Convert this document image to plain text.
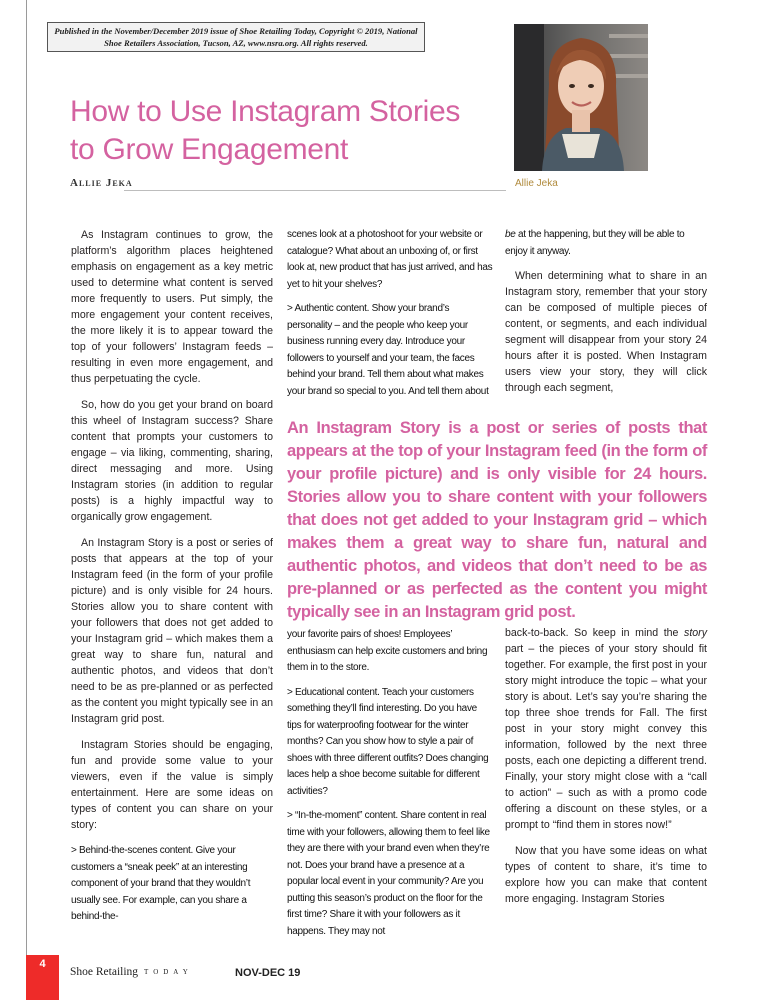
Published in the November/December 2019 issue of Shoe Retailing Today, Copyright © 2019, National Shoe Retailers Association, Tucson, AZ, www.nsra.org. All rights reserved.
How to Use Instagram Stories
to Grow Engagement
Allie Jeka	Allie Jeka

As Instagram continues to grow, the platform’s algorithm places heightened emphasis on engagement as a key metric used to determine what content is served more frequently to users. Put simply, the more engagement your content receives, the more likely it is to appear toward the top of your followers’ Instagram feeds – resulting in even more engagement, and thus perpetuating the cycle.

So, how do you get your brand on board this wheel of Instagram success? Share content that prompts your customers to engage – via liking, commenting, sharing, direct messaging and more. Using Instagram stories (in addition to regular posts) is a highly impactful way to organically grow engagement.

An Instagram Story is a post or series of posts that appears at the top of your Instagram feed (in the form of your profile picture) and is only visible for 24 hours. Stories allow you to share content with your followers that does not get added to your Instagram grid – which makes them a great way to share fun, natural and authentic photos, and videos that don’t need to be as pre-planned or as perfected as the content you might typically see in an Instagram grid post.

Instagram Stories should be engaging, fun and provide some value to your viewers, even if the value is simply entertainment. Here are some ideas on types of content you can share on your story:

> Behind-the-scenes content. Give your customers a “sneak peek” at an interesting component of your brand that they wouldn’t usually see. For example, can you share a behind-the-

scenes look at a photoshoot for your website or catalogue? What about an unboxing of, or first look at, new product that has just arrived, and has yet to hit your shelves?

> Authentic content. Show your brand’s personality – and the people who keep your business running every day. Introduce your followers to yourself and your team, the faces behind your brand. Tell them about what makes your brand so special to you. And tell them about

be at the happening, but they will be able to enjoy it anyway.
When determining what to share in an Instagram story, remember that your story can be composed of multiple pieces of content, or segments, and each individual segment will disappear from your story 24 hours after it is posted. When Instagram users view your story, they will click through each segment,
An Instagram Story is a post or series of posts that appears at the top of your Instagram feed (in the form of your profile picture) and is only visible for 24 hours. Stories allow you to share content with your followers that does not get added to your Instagram grid – which makes them a great way to share fun, natural and authentic photos, and videos that don’t need to be as pre-planned or as perfected as the content you might typically see in an Instagram grid post.

your favorite pairs of shoes! Employees’ enthusiasm can help excite customers and bring them in to the store.

> Educational content. Teach your customers something they’ll find interesting. Do you have tips for waterproofing footwear for the winter months? Can you show how to style a pair of shoes with three different outfits? Does changing laces help a shoe become suitable for different activities?

> “In-the-moment” content. Share content in real time with your followers, allowing them to feel like they are there with your brand even when they’re not. Does your brand have a presence at a popular local event in your community? Are you putting this season’s product on the floor for the first time? Share it with your followers as it happens. They may not

back-to-back. So keep in mind the story part – the pieces of your story should fit together. For example, the first post in your story might introduce the topic – what your story is about. Let’s say you’re sharing the top three shoe trends for Fall. The first post in your story might convey this information, followed by the next three posts, each one depicting a different trend. Finally, your story might close with a “call to action” – such as with a promo code offering a discount on these styles, or a prompt to “find them in stores now!”

Now that you have some ideas on what types of content to share, it’s time to explore how you can make that content more engaging. Instagram Stories

4
Shoe Retailing TODAY	NOV-DEC 19
